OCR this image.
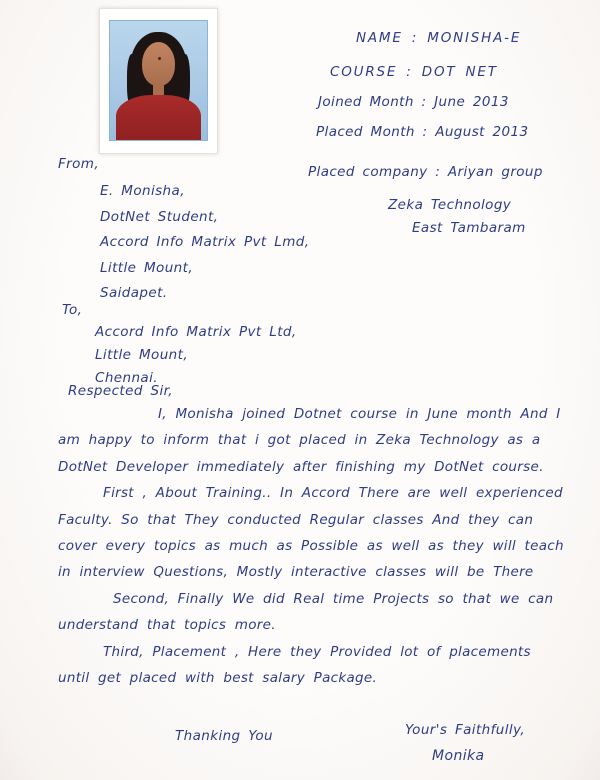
NAME : MONISHA-E
COURSE : DOT NET
Joined Month : June 2013
Placed Month : August 2013
Placed company : Ariyan group
Zeka Technology
East Tambaram
From,
E. Monisha,
DotNet Student,
Accord Info Matrix Pvt Lmd,
Little Mount,
Saidapet.
To,
Accord Info Matrix Pvt Ltd,
Little Mount,
Chennai.
Respected Sir,

I, Monisha joined Dotnet course in June month And I am happy to inform that i got placed in Zeka Technology as a DotNet Developer immediately after finishing my DotNet course.

First , About Training.. In Accord There are well experienced Faculty. So that They conducted Regular classes And they can cover every topics as much as Possible as well as they will teach in interview Questions, Mostly interactive classes will be There

Second, Finally We did Real time Projects so that we can understand that topics more.

Third, Placement , Here they Provided lot of placements until get placed with best salary Package.

Thanking You	Your's Faithfully,
Monika
